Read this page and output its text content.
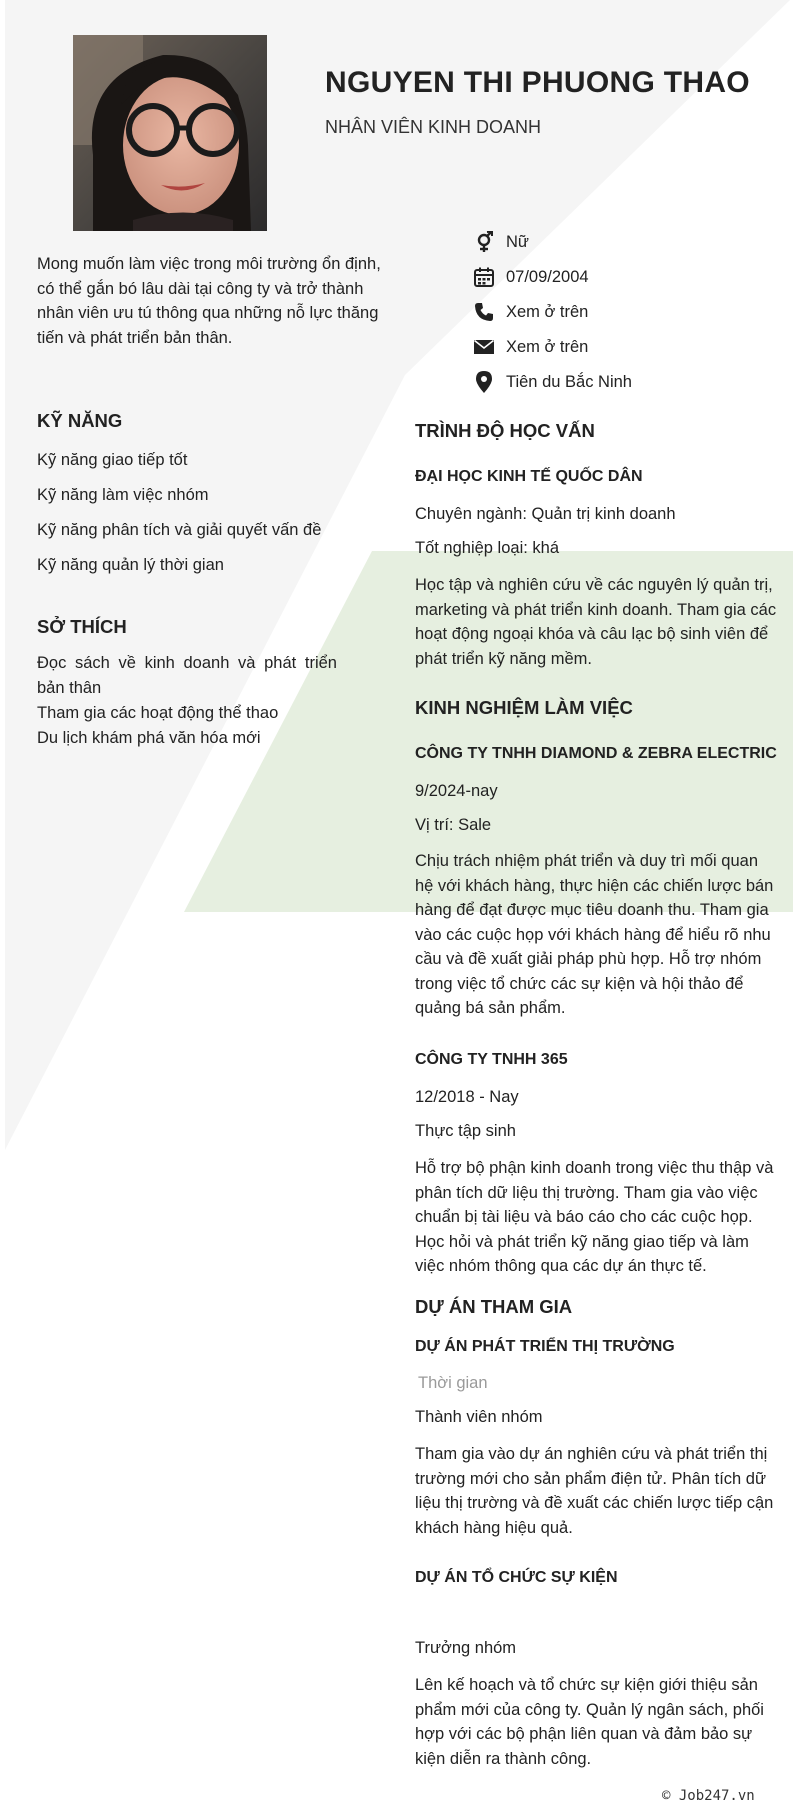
NGUYEN THI PHUONG THAO
NHÂN VIÊN KINH DOANH

Mong muốn làm việc trong môi trường ổn định, có thể gắn bó lâu dài tại công ty và trở thành nhân viên ưu tú thông qua những nỗ lực thăng tiến và phát triển bản thân.

Nữ
07/09/2004
Xem ở trên
Xem ở trên
Tiên du Bắc Ninh
KỸ NĂNG
Kỹ năng giao tiếp tốt
Kỹ năng làm việc nhóm
Kỹ năng phân tích và giải quyết vấn đề
Kỹ năng quản lý thời gian
SỞ THÍCH
Đọc sách về kinh doanh và phát triển bản thân
Tham gia các hoạt động thể thao
Du lịch khám phá văn hóa mới
TRÌNH ĐỘ HỌC VẤN
ĐẠI HỌC KINH TẾ QUỐC DÂN
Chuyên ngành: Quản trị kinh doanh
Tốt nghiệp loại: khá

Học tập và nghiên cứu về các nguyên lý quản trị, marketing và phát triển kinh doanh. Tham gia các hoạt động ngoại khóa và câu lạc bộ sinh viên để phát triển kỹ năng mềm.

KINH NGHIỆM LÀM VIỆC
CÔNG TY TNHH DIAMOND & ZEBRA ELECTRIC
9/2024-nay
Vị trí: Sale

Chịu trách nhiệm phát triển và duy trì mối quan hệ với khách hàng, thực hiện các chiến lược bán hàng để đạt được mục tiêu doanh thu. Tham gia vào các cuộc họp với khách hàng để hiểu rõ nhu cầu và đề xuất giải pháp phù hợp. Hỗ trợ nhóm trong việc tổ chức các sự kiện và hội thảo để quảng bá sản phẩm.

CÔNG TY TNHH 365
12/2018 - Nay
Thực tập sinh

Hỗ trợ bộ phận kinh doanh trong việc thu thập và phân tích dữ liệu thị trường. Tham gia vào việc chuẩn bị tài liệu và báo cáo cho các cuộc họp. Học hỏi và phát triển kỹ năng giao tiếp và làm việc nhóm thông qua các dự án thực tế.

DỰ ÁN THAM GIA
DỰ ÁN PHÁT TRIỂN THỊ TRƯỜNG
Thời gian
Thành viên nhóm

Tham gia vào dự án nghiên cứu và phát triển thị trường mới cho sản phẩm điện tử. Phân tích dữ liệu thị trường và đề xuất các chiến lược tiếp cận khách hàng hiệu quả.

DỰ ÁN TỔ CHỨC SỰ KIỆN
Trưởng nhóm

Lên kế hoạch và tổ chức sự kiện giới thiệu sản phẩm mới của công ty. Quản lý ngân sách, phối hợp với các bộ phận liên quan và đảm bảo sự kiện diễn ra thành công.

© Job247.vn
